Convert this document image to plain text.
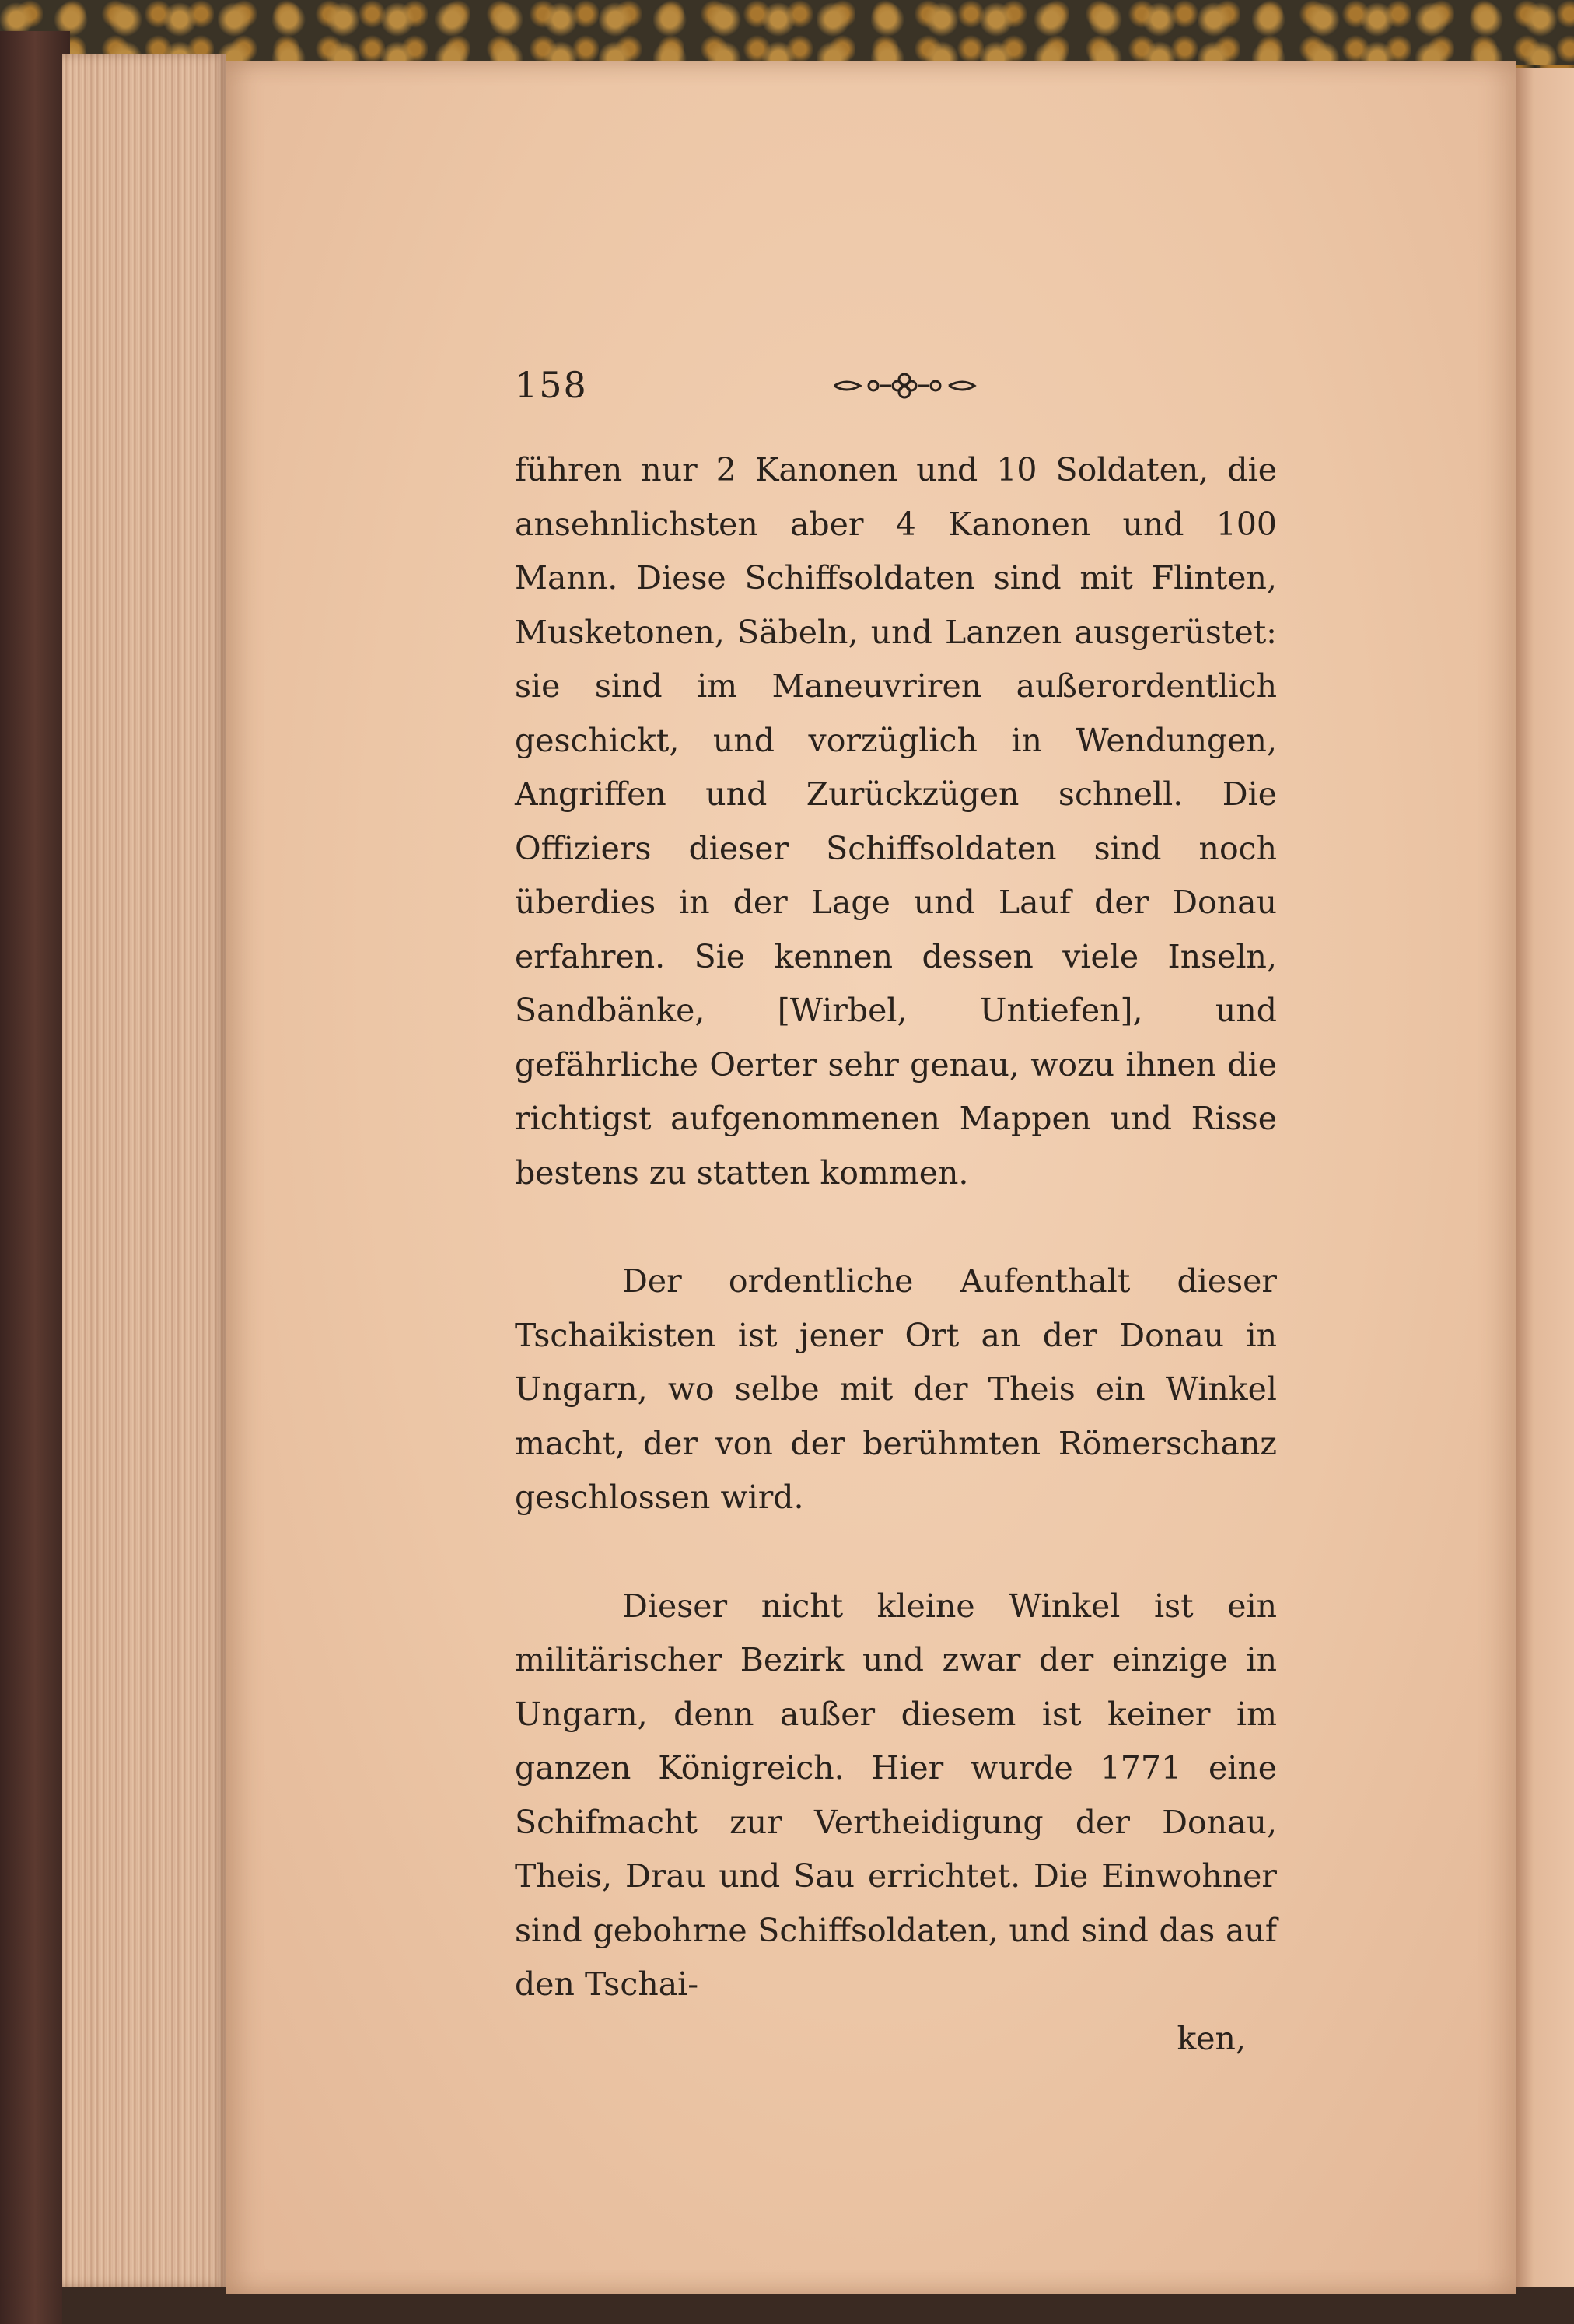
158

führen nur 2 Kanonen und 10 Soldaten, die ansehnlichsten aber 4 Kanonen und 100 Mann. Diese Schiffsoldaten sind mit Flinten, Musketonen, Säbeln, und Lanzen ausgerüstet: sie sind im Maneuvriren außerordentlich geschickt, und vorzüglich in Wendungen, Angriffen und Zurückzügen schnell. Die Offiziers dieser Schiffsoldaten sind noch überdies in der Lage und Lauf der Donau erfahren. Sie kennen dessen viele Inseln, Sandbänke, [Wirbel, Untiefen], und gefährliche Oerter sehr genau, wozu ihnen die richtigst aufgenommenen Mappen und Risse bestens zu statten kommen.

Der ordentliche Aufenthalt dieser Tschaikisten ist jener Ort an der Donau in Ungarn, wo selbe mit der Theis ein Winkel macht, der von der berühmten Römerschanz geschlossen wird.

Dieser nicht kleine Winkel ist ein militärischer Bezirk und zwar der einzige in Ungarn, denn außer diesem ist keiner im ganzen Königreich. Hier wurde 1771 eine Schifmacht zur Vertheidigung der Donau, Theis, Drau und Sau errichtet. Die Einwohner sind gebohrne Schiffsoldaten, und sind das auf den Tschai-

ken,
